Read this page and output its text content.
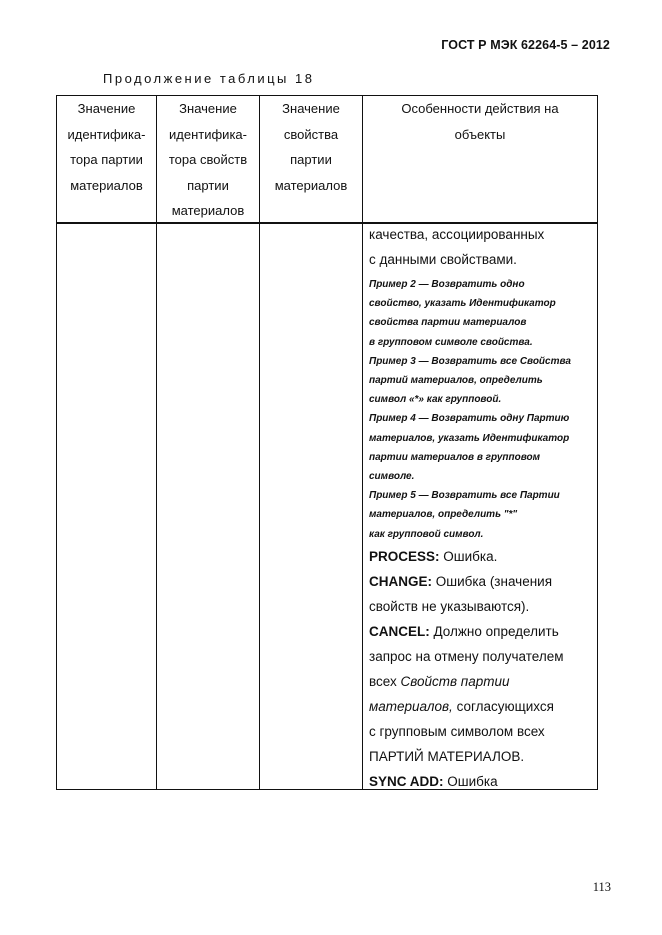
ГОСТ Р МЭК 62264-5 – 2012
Продолжение таблицы 18
Значение
идентифика-
тора партии
материалов
Значение
идентифика-
тора свойств
партии
материалов
Значение
свойства
партии
материалов
Особенности действия на
объекты
качества, ассоциированных
с данными свойствами.
Пример 2 — Возвратить одно
свойство, указать Идентификатор
свойства партии материалов
в групповом символе свойства.
Пример 3 — Возвратить все Свойства
партий материалов, определить
символ «*» как групповой.
Пример 4 — Возвратить одну Партию
материалов, указать Идентификатор
партии материалов в групповом
символе.
Пример 5 — Возвратить все Партии
материалов, определить "*"
как групповой символ.
PROCESS: Ошибка.
CHANGE: Ошибка (значения
свойств не указываются).
CANCEL: Должно определить
запрос на отмену получателем
всех Свойств партии
материалов, согласующихся
с групповым символом всех
ПАРТИЙ МАТЕРИАЛОВ.
SYNC ADD: Ошибка
113
